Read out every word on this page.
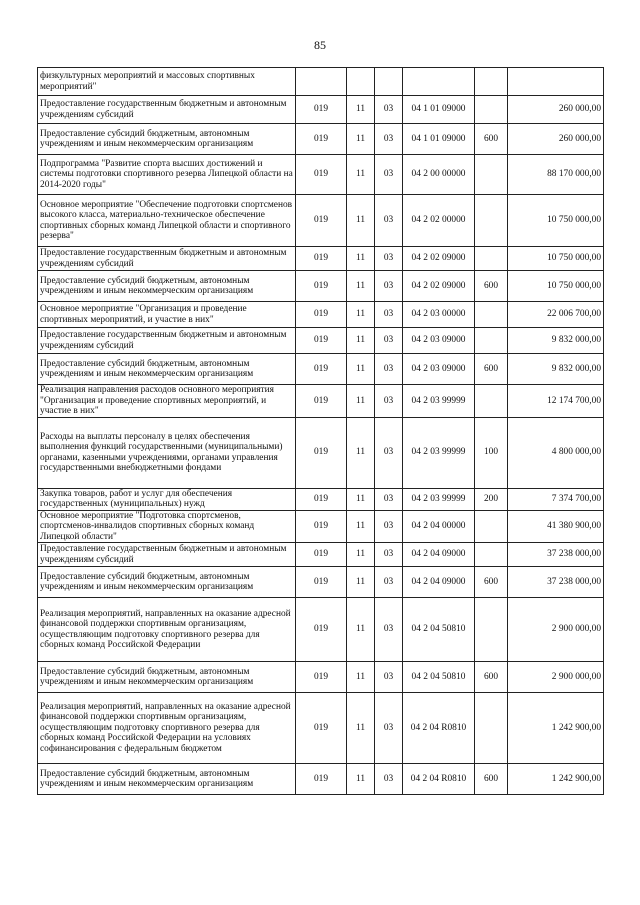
85
физкультурных мероприятий и массовых спортивных мероприятий"						
Предоставление государственным бюджетным и автономным учреждениям субсидий	019	11	03	04 1 01 09000		260 000,00
Предоставление субсидий бюджетным, автономным учреждениям и иным некоммерческим организациям	019	11	03	04 1 01 09000	600	260 000,00
Подпрограмма "Развитие спорта высших достижений и системы подготовки спортивного резерва Липецкой области на 2014-2020 годы"	019	11	03	04 2 00 00000		88 170 000,00
Основное мероприятие "Обеспечение подготовки спортсменов высокого класса, материально-техническое обеспечение спортивных сборных команд Липецкой области и спортивного резерва"	019	11	03	04 2 02 00000		10 750 000,00
Предоставление государственным бюджетным и автономным учреждениям субсидий	019	11	03	04 2 02 09000		10 750 000,00
Предоставление субсидий бюджетным, автономным учреждениям и иным некоммерческим организациям	019	11	03	04 2 02 09000	600	10 750 000,00
Основное мероприятие "Организация и проведение спортивных мероприятий, и участие в них"	019	11	03	04 2 03 00000		22 006 700,00
Предоставление государственным бюджетным и автономным учреждениям субсидий	019	11	03	04 2 03 09000		9 832 000,00
Предоставление субсидий бюджетным, автономным учреждениям и иным некоммерческим организациям	019	11	03	04 2 03 09000	600	9 832 000,00
Реализация направления расходов основного мероприятия "Организация и проведение спортивных мероприятий, и участие в них"	019	11	03	04 2 03 99999		12 174 700,00
Расходы на выплаты персоналу в целях обеспечения выполнения функций государственными (муниципальными) органами, казенными учреждениями, органами управления государственными внебюджетными фондами	019	11	03	04 2 03 99999	100	4 800 000,00
Закупка товаров, работ и услуг для обеспечения государственных (муниципальных) нужд	019	11	03	04 2 03 99999	200	7 374 700,00
Основное мероприятие "Подготовка спортсменов, спортсменов-инвалидов спортивных сборных команд Липецкой области"	019	11	03	04 2 04 00000		41 380 900,00
Предоставление государственным бюджетным и автономным учреждениям субсидий	019	11	03	04 2 04 09000		37 238 000,00
Предоставление субсидий бюджетным, автономным учреждениям и иным некоммерческим организациям	019	11	03	04 2 04 09000	600	37 238 000,00
Реализация мероприятий, направленных на оказание адресной финансовой поддержки спортивным организациям, осуществляющим подготовку спортивного резерва для сборных команд Российской Федерации	019	11	03	04 2 04 50810		2 900 000,00
Предоставление субсидий бюджетным, автономным учреждениям и иным некоммерческим организациям	019	11	03	04 2 04 50810	600	2 900 000,00
Реализация мероприятий, направленных на оказание адресной финансовой поддержки спортивным организациям, осуществляющим подготовку спортивного резерва для сборных команд Российской Федерации на условиях софинансирования с федеральным бюджетом	019	11	03	04 2 04 R0810		1 242 900,00
Предоставление субсидий бюджетным, автономным учреждениям и иным некоммерческим организациям	019	11	03	04 2 04 R0810	600	1 242 900,00
